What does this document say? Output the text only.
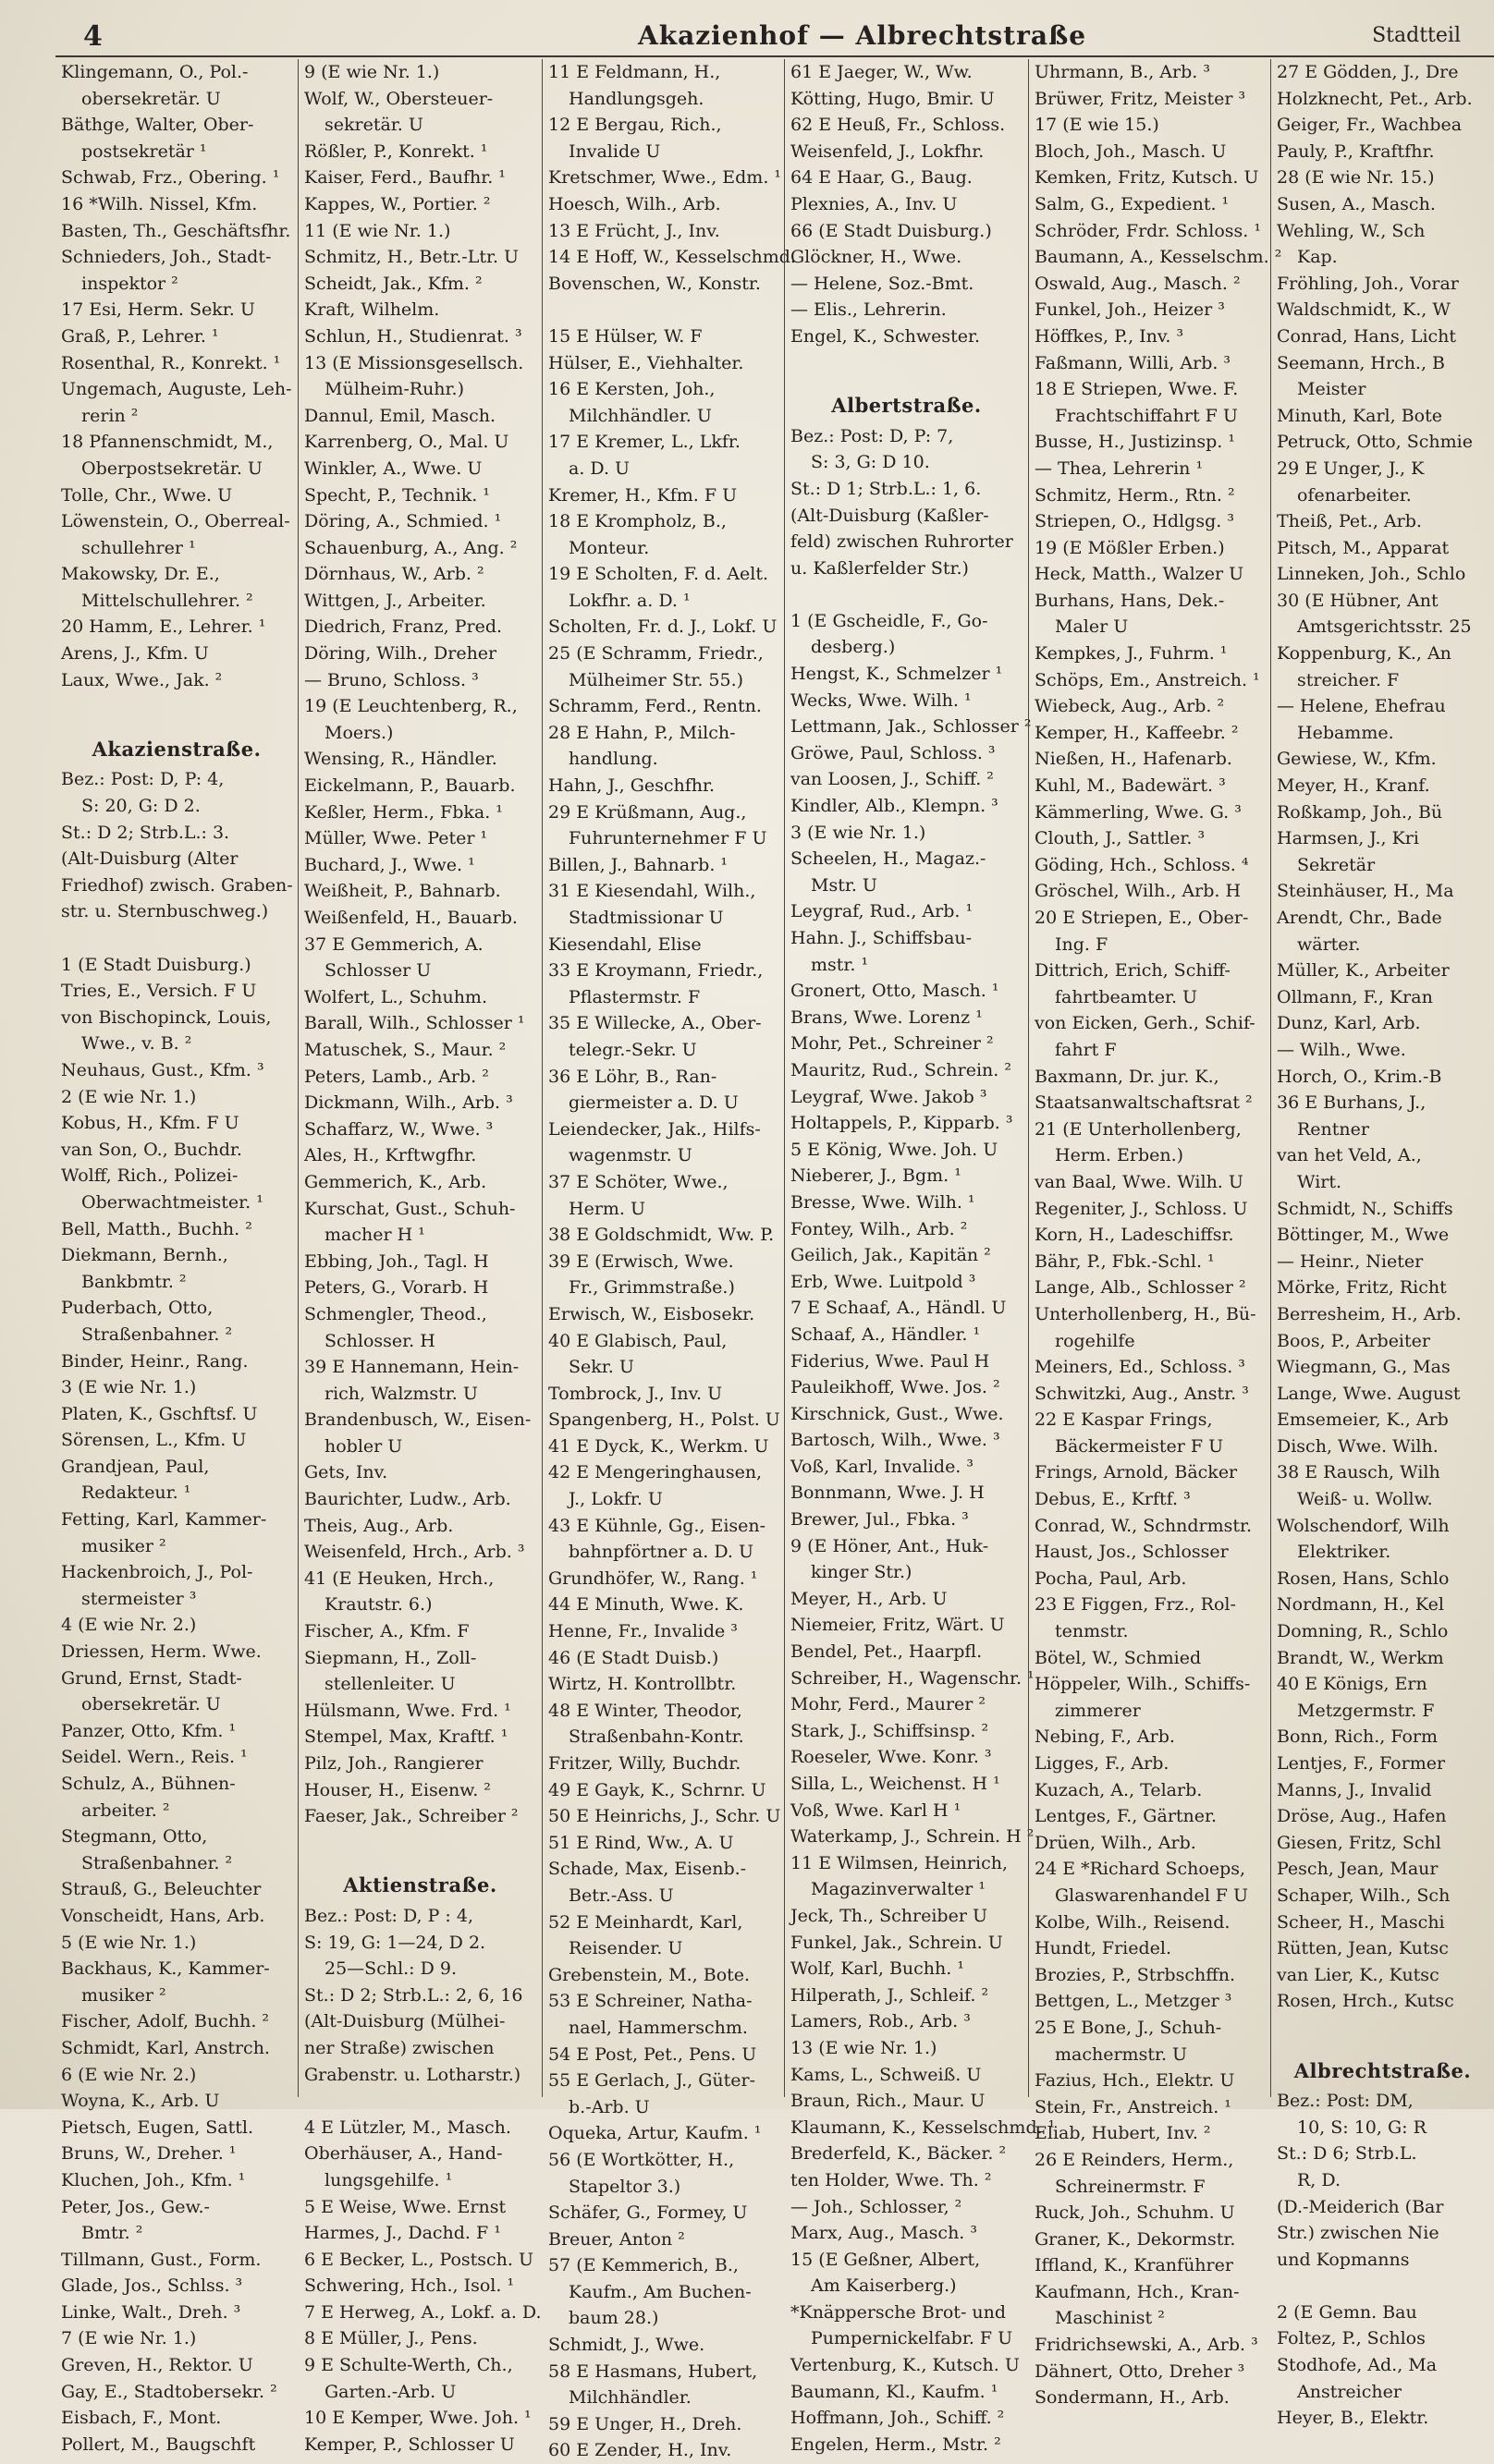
4	Akazienhof — Albrechtstraße	Stadtteil
Klingemann, O., Pol.-
obersekretär. U
Bäthge, Walter, Ober-
postsekretär ¹
Schwab, Frz., Obering. ¹
16 *Wilh. Nissel, Kfm.
Basten, Th., Geschäftsfhr.
Schnieders, Joh., Stadt-
inspektor ²
17 Esi, Herm. Sekr. U
Graß, P., Lehrer. ¹
Rosenthal, R., Konrekt. ¹
Ungemach, Auguste, Leh-
rerin ²
18 Pfannenschmidt, M.,
Oberpostsekretär. U
Tolle, Chr., Wwe. U
Löwenstein, O., Oberreal-
schullehrer ¹
Makowsky, Dr. E.,
Mittelschullehrer. ²
20 Hamm, E., Lehrer. ¹
Arens, J., Kfm. U
Laux, Wwe., Jak. ²
Akazienstraße.
Bez.: Post: D, P: 4,
S: 20, G: D 2.
St.: D 2; Strb.L.: 3.
(Alt-Duisburg (Alter
Friedhof) zwisch. Graben-
str. u. Sternbuschweg.)
1 (E Stadt Duisburg.)
Tries, E., Versich. F U
von Bischopinck, Louis,
Wwe., v. B. ²
Neuhaus, Gust., Kfm. ³
2 (E wie Nr. 1.)
Kobus, H., Kfm. F U
van Son, O., Buchdr.
Wolff, Rich., Polizei-
Oberwachtmeister. ¹
Bell, Matth., Buchh. ²
Diekmann, Bernh.,
Bankbmtr. ²
Puderbach, Otto,
Straßenbahner. ²
Binder, Heinr., Rang.
3 (E wie Nr. 1.)
Platen, K., Gschftsf. U
Sörensen, L., Kfm. U
Grandjean, Paul,
Redakteur. ¹
Fetting, Karl, Kammer-
musiker ²
Hackenbroich, J., Pol-
stermeister ³
4 (E wie Nr. 2.)
Driessen, Herm. Wwe.
Grund, Ernst, Stadt-
obersekretär. U
Panzer, Otto, Kfm. ¹
Seidel. Wern., Reis. ¹
Schulz, A., Bühnen-
arbeiter. ²
Stegmann, Otto,
Straßenbahner. ²
Strauß, G., Beleuchter
Vonscheidt, Hans, Arb.
5 (E wie Nr. 1.)
Backhaus, K., Kammer-
musiker ²
Fischer, Adolf, Buchh. ²
Schmidt, Karl, Anstrch.
6 (E wie Nr. 2.)
Woyna, K., Arb. U
Pietsch, Eugen, Sattl.
Bruns, W., Dreher. ¹
Kluchen, Joh., Kfm. ¹
Peter, Jos., Gew.-
Bmtr. ²
Tillmann, Gust., Form.
Glade, Jos., Schlss. ³
Linke, Walt., Dreh. ³
7 (E wie Nr. 1.)
Greven, H., Rektor. U
Gay, E., Stadtobersekr. ²
Eisbach, F., Mont.
Pollert, M., Baugschft
9 (E wie Nr. 1.)
Wolf, W., Obersteuer-
sekretär. U
Rößler, P., Konrekt. ¹
Kaiser, Ferd., Baufhr. ¹
Kappes, W., Portier. ²
11 (E wie Nr. 1.)
Schmitz, H., Betr.-Ltr. U
Scheidt, Jak., Kfm. ²
Kraft, Wilhelm.
Schlun, H., Studienrat. ³
13 (E Missionsgesellsch.
Mülheim-Ruhr.)
Dannul, Emil, Masch.
Karrenberg, O., Mal. U
Winkler, A., Wwe. U
Specht, P., Technik. ¹
Döring, A., Schmied. ¹
Schauenburg, A., Ang. ²
Dörnhaus, W., Arb. ²
Wittgen, J., Arbeiter.
Diedrich, Franz, Pred.
Döring, Wilh., Dreher
— Bruno, Schloss. ³
19 (E Leuchtenberg, R.,
Moers.)
Wensing, R., Händler.
Eickelmann, P., Bauarb.
Keßler, Herm., Fbka. ¹
Müller, Wwe. Peter ¹
Buchard, J., Wwe. ¹
Weißheit, P., Bahnarb.
Weißenfeld, H., Bauarb.
37 E Gemmerich, A.
Schlosser U
Wolfert, L., Schuhm.
Barall, Wilh., Schlosser ¹
Matuschek, S., Maur. ²
Peters, Lamb., Arb. ²
Dickmann, Wilh., Arb. ³
Schaffarz, W., Wwe. ³
Ales, H., Krftwgfhr.
Gemmerich, K., Arb.
Kurschat, Gust., Schuh-
macher H ¹
Ebbing, Joh., Tagl. H
Peters, G., Vorarb. H
Schmengler, Theod.,
Schlosser. H
39 E Hannemann, Hein-
rich, Walzmstr. U
Brandenbusch, W., Eisen-
hobler U
Gets, Inv.
Baurichter, Ludw., Arb.
Theis, Aug., Arb.
Weisenfeld, Hrch., Arb. ³
41 (E Heuken, Hrch.,
Krautstr. 6.)
Fischer, A., Kfm. F
Siepmann, H., Zoll-
stellenleiter. U
Hülsmann, Wwe. Frd. ¹
Stempel, Max, Kraftf. ¹
Pilz, Joh., Rangierer
Houser, H., Eisenw. ²
Faeser, Jak., Schreiber ²
Aktienstraße.
Bez.: Post: D, P : 4,
S: 19, G: 1—24, D 2.
25—Schl.: D 9.
St.: D 2; Strb.L.: 2, 6, 16
(Alt-Duisburg (Mülhei-
ner Straße) zwischen
Grabenstr. u. Lotharstr.)
4 E Lützler, M., Masch.
Oberhäuser, A., Hand-
lungsgehilfe. ¹
5 E Weise, Wwe. Ernst
Harmes, J., Dachd. F ¹
6 E Becker, L., Postsch. U
Schwering, Hch., Isol. ¹
7 E Herweg, A., Lokf. a. D.
8 E Müller, J., Pens.
9 E Schulte-Werth, Ch.,
Garten.-Arb. U
10 E Kemper, Wwe. Joh. ¹
Kemper, P., Schlosser U
11 E Feldmann, H.,
Handlungsgeh.
12 E Bergau, Rich.,
Invalide U
Kretschmer, Wwe., Edm. ¹
Hoesch, Wilh., Arb.
13 E Frücht, J., Inv.
14 E Hoff, W., Kesselschmd.
Bovenschen, W., Konstr.
15 E Hülser, W. F
Hülser, E., Viehhalter.
16 E Kersten, Joh.,
Milchhändler. U
17 E Kremer, L., Lkfr.
a. D. U
Kremer, H., Kfm. F U
18 E Krompholz, B.,
Monteur.
19 E Scholten, F. d. Aelt.
Lokfhr. a. D. ¹
Scholten, Fr. d. J., Lokf. U
25 (E Schramm, Friedr.,
Mülheimer Str. 55.)
Schramm, Ferd., Rentn.
28 E Hahn, P., Milch-
handlung.
Hahn, J., Geschfhr.
29 E Krüßmann, Aug.,
Fuhrunternehmer F U
Billen, J., Bahnarb. ¹
31 E Kiesendahl, Wilh.,
Stadtmissionar U
Kiesendahl, Elise
33 E Kroymann, Friedr.,
Pflastermstr. F
35 E Willecke, A., Ober-
telegr.-Sekr. U
36 E Löhr, B., Ran-
giermeister a. D. U
Leiendecker, Jak., Hilfs-
wagenmstr. U
37 E Schöter, Wwe.,
Herm. U
38 E Goldschmidt, Ww. P.
39 E (Erwisch, Wwe.
Fr., Grimmstraße.)
Erwisch, W., Eisbosekr.
40 E Glabisch, Paul,
Sekr. U
Tombrock, J., Inv. U
Spangenberg, H., Polst. U
41 E Dyck, K., Werkm. U
42 E Mengeringhausen,
J., Lokfr. U
43 E Kühnle, Gg., Eisen-
bahnpförtner a. D. U
Grundhöfer, W., Rang. ¹
44 E Minuth, Wwe. K.
Henne, Fr., Invalide ³
46 (E Stadt Duisb.)
Wirtz, H. Kontrollbtr.
48 E Winter, Theodor,
Straßenbahn-Kontr.
Fritzer, Willy, Buchdr.
49 E Gayk, K., Schrnr. U
50 E Heinrichs, J., Schr. U
51 E Rind, Ww., A. U
Schade, Max, Eisenb.-
Betr.-Ass. U
52 E Meinhardt, Karl,
Reisender. U
Grebenstein, M., Bote.
53 E Schreiner, Natha-
nael, Hammerschm.
54 E Post, Pet., Pens. U
55 E Gerlach, J., Güter-
b.-Arb. U
Oqueka, Artur, Kaufm. ¹
56 (E Wortkötter, H.,
Stapeltor 3.)
Schäfer, G., Formey, U
Breuer, Anton ²
57 (E Kemmerich, B.,
Kaufm., Am Buchen-
baum 28.)
Schmidt, J., Wwe.
58 E Hasmans, Hubert,
Milchhändler.
59 E Unger, H., Dreh.
60 E Zender, H., Inv.
61 E Jaeger, W., Ww.
Kötting, Hugo, Bmir. U
62 E Heuß, Fr., Schloss.
Weisenfeld, J., Lokfhr.
64 E Haar, G., Baug.
Plexnies, A., Inv. U
66 (E Stadt Duisburg.)
Glöckner, H., Wwe.
— Helene, Soz.-Bmt.
— Elis., Lehrerin.
Engel, K., Schwester.
Albertstraße.
Bez.: Post: D, P: 7,
S: 3, G: D 10.
St.: D 1; Strb.L.: 1, 6.
(Alt-Duisburg (Kaßler-
feld) zwischen Ruhrorter
u. Kaßlerfelder Str.)
1 (E Gscheidle, F., Go-
desberg.)
Hengst, K., Schmelzer ¹
Wecks, Wwe. Wilh. ¹
Lettmann, Jak., Schlosser ²
Gröwe, Paul, Schloss. ³
van Loosen, J., Schiff. ²
Kindler, Alb., Klempn. ³
3 (E wie Nr. 1.)
Scheelen, H., Magaz.-
Mstr. U
Leygraf, Rud., Arb. ¹
Hahn. J., Schiffsbau-
mstr. ¹
Gronert, Otto, Masch. ¹
Brans, Wwe. Lorenz ¹
Mohr, Pet., Schreiner ²
Mauritz, Rud., Schrein. ²
Leygraf, Wwe. Jakob ³
Holtappels, P., Kipparb. ³
5 E König, Wwe. Joh. U
Nieberer, J., Bgm. ¹
Bresse, Wwe. Wilh. ¹
Fontey, Wilh., Arb. ²
Geilich, Jak., Kapitän ²
Erb, Wwe. Luitpold ³
7 E Schaaf, A., Händl. U
Schaaf, A., Händler. ¹
Fiderius, Wwe. Paul H
Pauleikhoff, Wwe. Jos. ²
Kirschnick, Gust., Wwe.
Bartosch, Wilh., Wwe. ³
Voß, Karl, Invalide. ³
Bonnmann, Wwe. J. H
Brewer, Jul., Fbka. ³
9 (E Höner, Ant., Huk-
kinger Str.)
Meyer, H., Arb. U
Niemeier, Fritz, Wärt. U
Bendel, Pet., Haarpfl.
Schreiber, H., Wagenschr. ¹
Mohr, Ferd., Maurer ²
Stark, J., Schiffsinsp. ²
Roeseler, Wwe. Konr. ³
Silla, L., Weichenst. H ¹
Voß, Wwe. Karl H ¹
Waterkamp, J., Schrein. H ²
11 E Wilmsen, Heinrich,
Magazinverwalter ¹
Jeck, Th., Schreiber U
Funkel, Jak., Schrein. U
Wolf, Karl, Buchh. ¹
Hilperath, J., Schleif. ²
Lamers, Rob., Arb. ³
13 (E wie Nr. 1.)
Kams, L., Schweiß. U
Braun, Rich., Maur. U
Klaumann, K., Kesselschmd. ¹
Brederfeld, K., Bäcker. ²
ten Holder, Wwe. Th. ²
— Joh., Schlosser, ²
Marx, Aug., Masch. ³
15 (E Geßner, Albert,
Am Kaiserberg.)
*Knäppersche Brot- und
Pumpernickelfabr. F U
Vertenburg, K., Kutsch. U
Baumann, Kl., Kaufm. ¹
Hoffmann, Joh., Schiff. ²
Engelen, Herm., Mstr. ²
Uhrmann, B., Arb. ³
Brüwer, Fritz, Meister ³
17 (E wie 15.)
Bloch, Joh., Masch. U
Kemken, Fritz, Kutsch. U
Salm, G., Expedient. ¹
Schröder, Frdr. Schloss. ¹
Baumann, A., Kesselschm. ²
Oswald, Aug., Masch. ²
Funkel, Joh., Heizer ³
Höffkes, P., Inv. ³
Faßmann, Willi, Arb. ³
18 E Striepen, Wwe. F.
Frachtschiffahrt F U
Busse, H., Justizinsp. ¹
— Thea, Lehrerin ¹
Schmitz, Herm., Rtn. ²
Striepen, O., Hdlgsg. ³
19 (E Mößler Erben.)
Heck, Matth., Walzer U
Burhans, Hans, Dek.-
Maler U
Kempkes, J., Fuhrm. ¹
Schöps, Em., Anstreich. ¹
Wiebeck, Aug., Arb. ²
Kemper, H., Kaffeebr. ²
Nießen, H., Hafenarb.
Kuhl, M., Badewärt. ³
Kämmerling, Wwe. G. ³
Clouth, J., Sattler. ³
Göding, Hch., Schloss. ⁴
Gröschel, Wilh., Arb. H
20 E Striepen, E., Ober-
Ing. F
Dittrich, Erich, Schiff-
fahrtbeamter. U
von Eicken, Gerh., Schif-
fahrt F
Baxmann, Dr. jur. K.,
Staatsanwaltschaftsrat ²
21 (E Unterhollenberg,
Herm. Erben.)
van Baal, Wwe. Wilh. U
Regeniter, J., Schloss. U
Korn, H., Ladeschiffsr.
Bähr, P., Fbk.-Schl. ¹
Lange, Alb., Schlosser ²
Unterhollenberg, H., Bü-
rogehilfe
Meiners, Ed., Schloss. ³
Schwitzki, Aug., Anstr. ³
22 E Kaspar Frings,
Bäckermeister F U
Frings, Arnold, Bäcker
Debus, E., Krftf. ³
Conrad, W., Schndrmstr.
Haust, Jos., Schlosser
Pocha, Paul, Arb.
23 E Figgen, Frz., Rol-
tenmstr.
Bötel, W., Schmied
Höppeler, Wilh., Schiffs-
zimmerer
Nebing, F., Arb.
Ligges, F., Arb.
Kuzach, A., Telarb.
Lentges, F., Gärtner.
Drüen, Wilh., Arb.
24 E *Richard Schoeps,
Glaswarenhandel F U
Kolbe, Wilh., Reisend.
Hundt, Friedel.
Brozies, P., Strbschffn.
Bettgen, L., Metzger ³
25 E Bone, J., Schuh-
machermstr. U
Fazius, Hch., Elektr. U
Stein, Fr., Anstreich. ¹
Eliab, Hubert, Inv. ²
26 E Reinders, Herm.,
Schreinermstr. F
Ruck, Joh., Schuhm. U
Graner, K., Dekormstr.
Iffland, K., Kranführer
Kaufmann, Hch., Kran-
Maschinist ²
Fridrichsewski, A., Arb. ³
Dähnert, Otto, Dreher ³
Sondermann, H., Arb.
27 E Gödden, J., Dre
Holzknecht, Pet., Arb.
Geiger, Fr., Wachbea
Pauly, P., Kraftfhr.
28 (E wie Nr. 15.)
Susen, A., Masch.
Wehling, W., Sch
Kap.
Fröhling, Joh., Vorar
Waldschmidt, K., W
Conrad, Hans, Licht
Seemann, Hrch., B
Meister
Minuth, Karl, Bote
Petruck, Otto, Schmie
29 E Unger, J., K
ofenarbeiter.
Theiß, Pet., Arb.
Pitsch, M., Apparat
Linneken, Joh., Schlo
30 (E Hübner, Ant
Amtsgerichtsstr. 25
Koppenburg, K., An
streicher. F
— Helene, Ehefrau
Hebamme.
Gewiese, W., Kfm.
Meyer, H., Kranf.
Roßkamp, Joh., Bü
Harmsen, J., Kri
Sekretär
Steinhäuser, H., Ma
Arendt, Chr., Bade
wärter.
Müller, K., Arbeiter
Ollmann, F., Kran
Dunz, Karl, Arb.
— Wilh., Wwe.
Horch, O., Krim.-B
36 E Burhans, J.,
Rentner
van het Veld, A.,
Wirt.
Schmidt, N., Schiffs
Böttinger, M., Wwe
— Heinr., Nieter
Mörke, Fritz, Richt
Berresheim, H., Arb.
Boos, P., Arbeiter
Wiegmann, G., Mas
Lange, Wwe. August
Emsemeier, K., Arb
Disch, Wwe. Wilh.
38 E Rausch, Wilh
Weiß- u. Wollw.
Wolschendorf, Wilh
Elektriker.
Rosen, Hans, Schlo
Nordmann, H., Kel
Domning, R., Schlo
Brandt, W., Werkm
40 E Königs, Ern
Metzgermstr. F
Bonn, Rich., Form
Lentjes, F., Former
Manns, J., Invalid
Dröse, Aug., Hafen
Giesen, Fritz, Schl
Pesch, Jean, Maur
Schaper, Wilh., Sch
Scheer, H., Maschi
Rütten, Jean, Kutsc
van Lier, K., Kutsc
Rosen, Hrch., Kutsc
Albrechtstraße.
Bez.: Post: DM,
10, S: 10, G: R
St.: D 6; Strb.L.
R, D.
(D.-Meiderich (Bar
Str.) zwischen Nie
und Kopmanns
2 (E Gemn. Bau
Foltez, P., Schlos
Stodhofe, Ad., Ma
Anstreicher
Heyer, B., Elektr.
